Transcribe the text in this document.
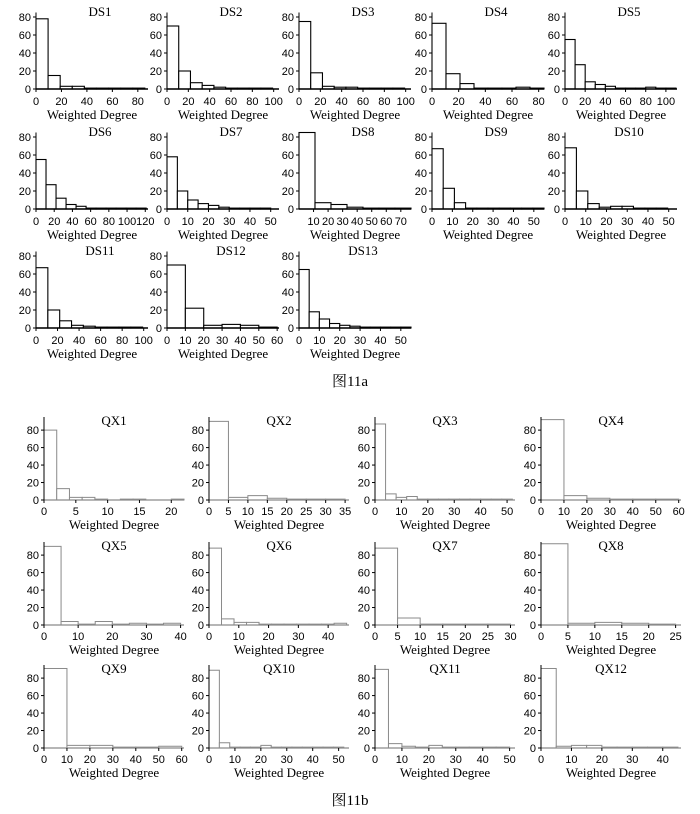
0
20
40
60
80
0 20 40 60 80
DS1
Weighted Degree
0
20
40
60
80
0 20 40 60 80 100
DS2
Weighted Degree
0
20
40
60
80
0 20 40 60 80 100
DS3
Weighted Degree
0
20
40
60
80
0 20 40 60 80
DS4
Weighted Degree
0
20
40
60
80
0 20 40 60 80 100
DS5
Weighted Degree
0
20
40
60
80
0 20 40 60 80 100 120
DS6
Weighted Degree
0
20
40
60
80
0 10 20 30 40 50
DS7
Weighted Degree
0
20
40
60
80
10 20 30 40 50 60 70
DS8
Weighted Degree
0
20
40
60
80
0 10 20 30 40 50
DS9
Weighted Degree
0
20
40
60
80
0 10 20 30 40 50
DS10
Weighted Degree
0
20
40
60
80
0 20 40 60 80 100
DS11
Weighted Degree
0
20
40
60
80
0 10 20 30 40 50 60
DS12
Weighted Degree
0
20
40
60
80
0 10 20 30 40 50
DS13
Weighted Degree
0
20
40
60
80
0 5 10 15 20
QX1
Weighted Degree
0
20
40
60
80
0 5 10 15 20 25 30 35
QX2
Weighted Degree
0
20
40
60
80
0 10 20 30 40 50
QX3
Weighted Degree
0
20
40
60
80
0 10 20 30 40 50 60
QX4
Weighted Degree
0
20
40
60
80
0 10 20 30 40
QX5
Weighted Degree
0
20
40
60
80
0 10 20 30 40
QX6
Weighted Degree
0
20
40
60
80
0 5 10 15 20 25 30
QX7
Weighted Degree
0
20
40
60
80
0 5 10 15 20 25
QX8
Weighted Degree
0
20
40
60
80
0 10 20 30 40 50 60
QX9
Weighted Degree
0
20
40
60
80
0 10 20 30 40 50
QX10
Weighted Degree
0
20
40
60
80
0 10 20 30 40 50
QX11
Weighted Degree
0
20
40
60
80
0 10 20 30 40
QX12
Weighted Degree
图11a
图11b
